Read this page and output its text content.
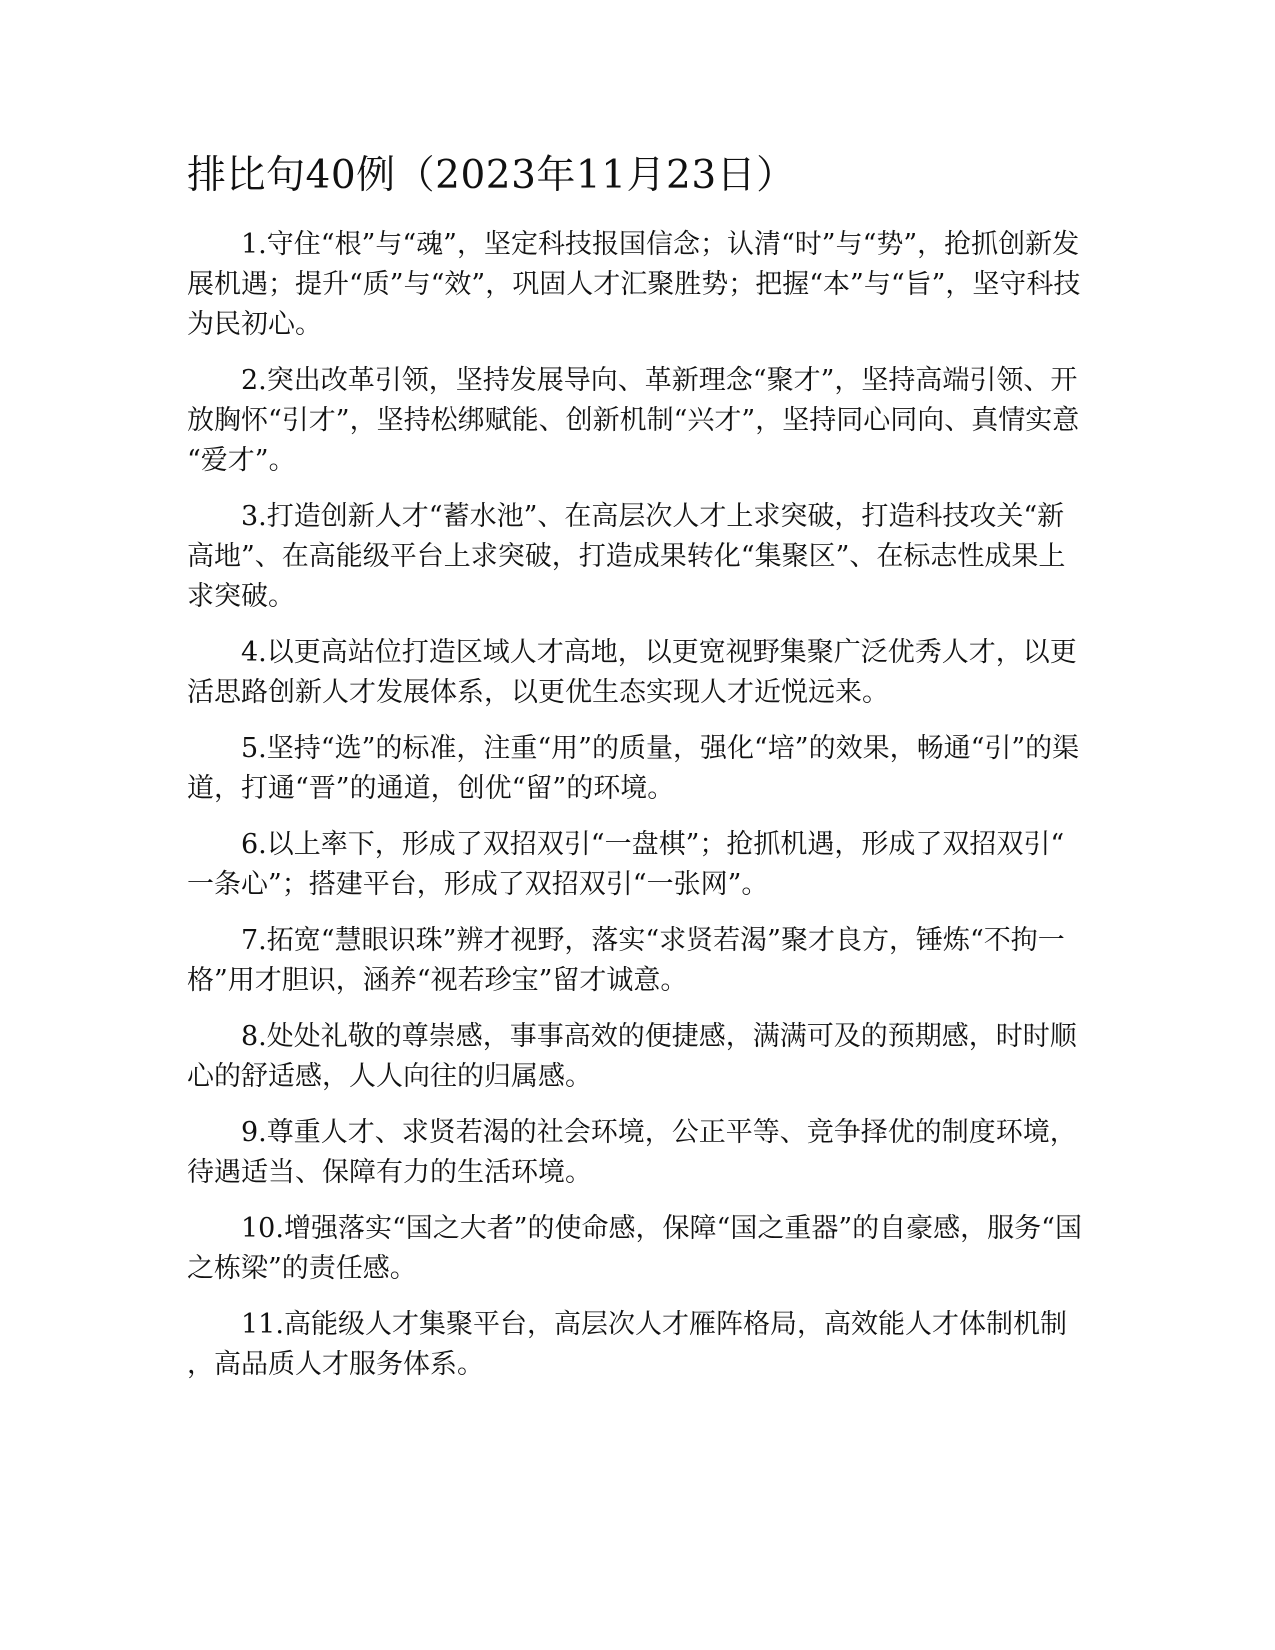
排比句40例（2023年11月23日）

1.守住“根”与“魂”，坚定科技报国信念；认清“时”与“势”，抢抓创新发展机遇；提升“质”与“效”，巩固人才汇聚胜势；把握“本”与“旨”，坚守科技为民初心。

2.突出改革引领，坚持发展导向、革新理念“聚才”，坚持高端引领、开放胸怀“引才”，坚持松绑赋能、创新机制“兴才”，坚持同心同向、真情实意“爱才”。

3.打造创新人才“蓄水池”、在高层次人才上求突破，打造科技攻关“新高地”、在高能级平台上求突破，打造成果转化“集聚区”、在标志性成果上求突破。

4.以更高站位打造区域人才高地，以更宽视野集聚广泛优秀人才，以更活思路创新人才发展体系，以更优生态实现人才近悦远来。

5.坚持“选”的标准，注重“用”的质量，强化“培”的效果，畅通“引”的渠道，打通“晋”的通道，创优“留”的环境。

6.以上率下，形成了双招双引“一盘棋”；抢抓机遇，形成了双招双引“一条心”；搭建平台，形成了双招双引“一张网”。

7.拓宽“慧眼识珠”辨才视野，落实“求贤若渴”聚才良方，锤炼“不拘一格”用才胆识，涵养“视若珍宝”留才诚意。

8.处处礼敬的尊崇感，事事高效的便捷感，满满可及的预期感，时时顺心的舒适感，人人向往的归属感。

9.尊重人才、求贤若渴的社会环境，公正平等、竞争择优的制度环境，待遇适当、保障有力的生活环境。

10.增强落实“国之大者”的使命感，保障“国之重器”的自豪感，服务“国之栋梁”的责任感。

11.高能级人才集聚平台，高层次人才雁阵格局，高效能人才体制机制，高品质人才服务体系。
